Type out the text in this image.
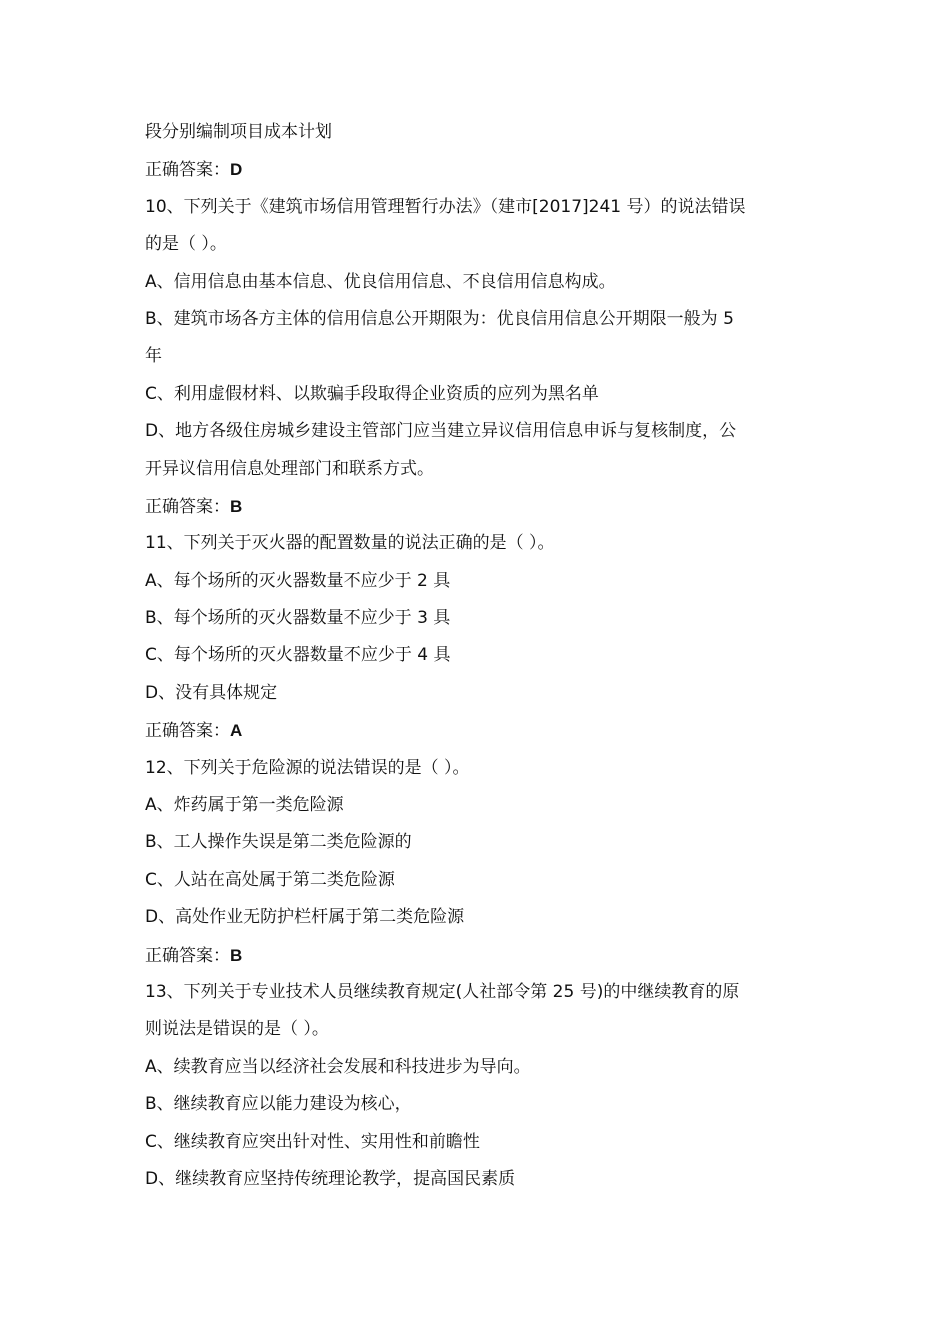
段分别编制项目成本计划
正确答案：D
10、下列关于《建筑市场信用管理暂行办法》（建市[2017]241 号）的说法错误
的是（ ）。
A、信用信息由基本信息、优良信用信息、不良信用信息构成。
B、建筑市场各方主体的信用信息公开期限为：优良信用信息公开期限一般为 5
年
C、利用虚假材料、以欺骗手段取得企业资质的应列为黑名单
D、地方各级住房城乡建设主管部门应当建立异议信用信息申诉与复核制度，公
开异议信用信息处理部门和联系方式。
正确答案：B
11、下列关于灭火器的配置数量的说法正确的是（ ）。
A、每个场所的灭火器数量不应少于 2 具
B、每个场所的灭火器数量不应少于 3 具
C、每个场所的灭火器数量不应少于 4 具
D、没有具体规定
正确答案：A
12、下列关于危险源的说法错误的是（ ）。
A、炸药属于第一类危险源
B、工人操作失误是第二类危险源的
C、人站在高处属于第二类危险源
D、高处作业无防护栏杆属于第二类危险源
正确答案：B
13、下列关于专业技术人员继续教育规定(人社部令第 25 号)的中继续教育的原
则说法是错误的是（ ）。
A、续教育应当以经济社会发展和科技进步为导向。
B、继续教育应以能力建设为核心，
C、继续教育应突出针对性、实用性和前瞻性
D、继续教育应坚持传统理论教学，提高国民素质
